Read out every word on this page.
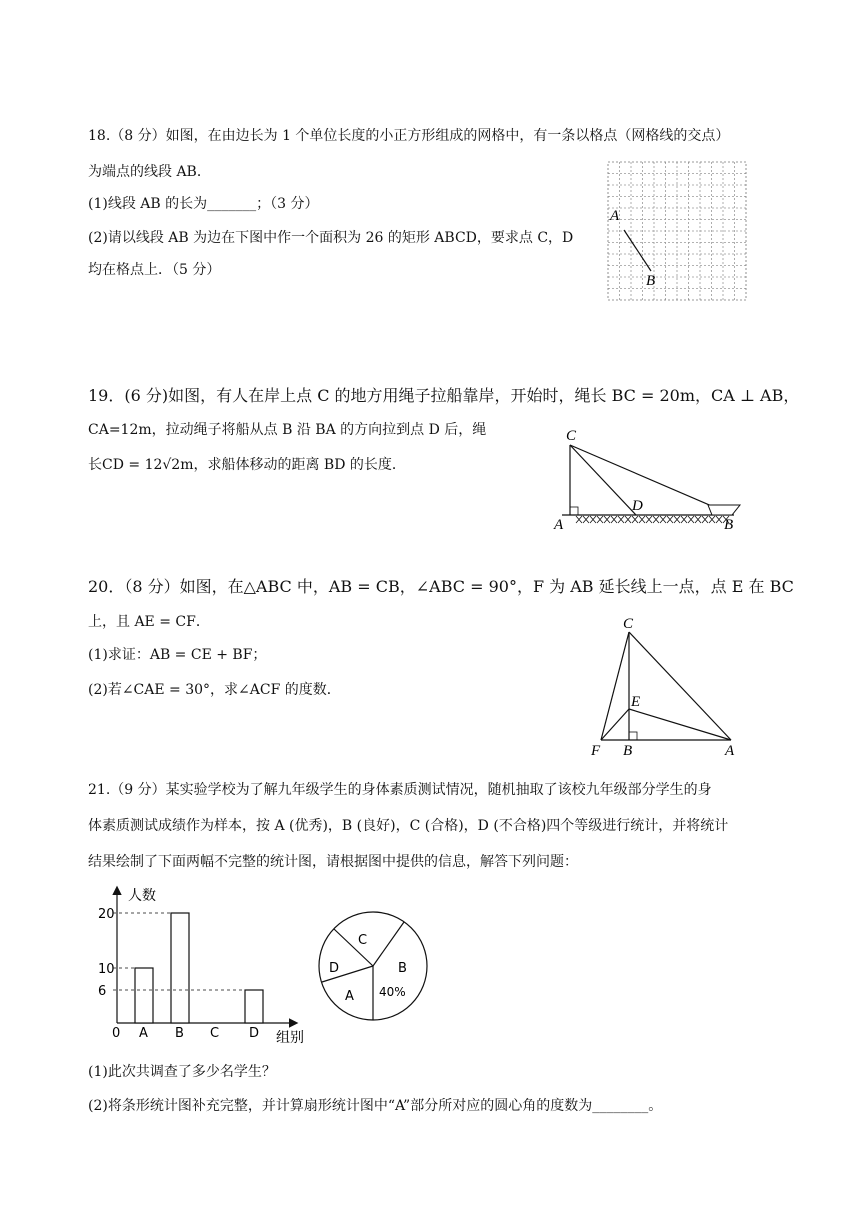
18.（8 分）如图，在由边长为 1 个单位长度的小正方形组成的网格中，有一条以格点（网格线的交点）
为端点的线段 AB．
(1)线段 AB 的长为_______；（3 分）
(2)请以线段 AB 为边在下图中作一个面积为 26 的矩形 ABCD，要求点 C，D
均在格点上．（5 分）
A
B
19．(6 分)如图，有人在岸上点 C 的地方用绳子拉船靠岸，开始时，绳长 BC = 20m，CA ⊥ AB，
CA=12m，拉动绳子将船从点 B 沿 BA 的方向拉到点 D 后，绳
长CD = 12√2m，求船体移动的距离 BD 的长度．
C
D
A	B
20．（8 分）如图，在△ABC 中，AB = CB，∠ABC = 90°，F 为 AB 延长线上一点，点 E 在 BC
上，且 AE = CF．
(1)求证：AB = CE + BF；
(2)若∠CAE = 30°，求∠ACF 的度数．
C
E
F B	A
21.（9 分）某实验学校为了解九年级学生的身体素质测试情况，随机抽取了该校九年级部分学生的身
体素质测试成绩作为样本，按 A (优秀)，B (良好)，C (合格)，D (不合格)四个等级进行统计，并将统计
结果绘制了下面两幅不完整的统计图，请根据图中提供的信息，解答下列问题：
A B C D
6
10
20
人数
组别
0
C
D
A
B
40%
(1)此次共调查了多少名学生？
(2)将条形统计图补充完整，并计算扇形统计图中“A”部分所对应的圆心角的度数为________。
